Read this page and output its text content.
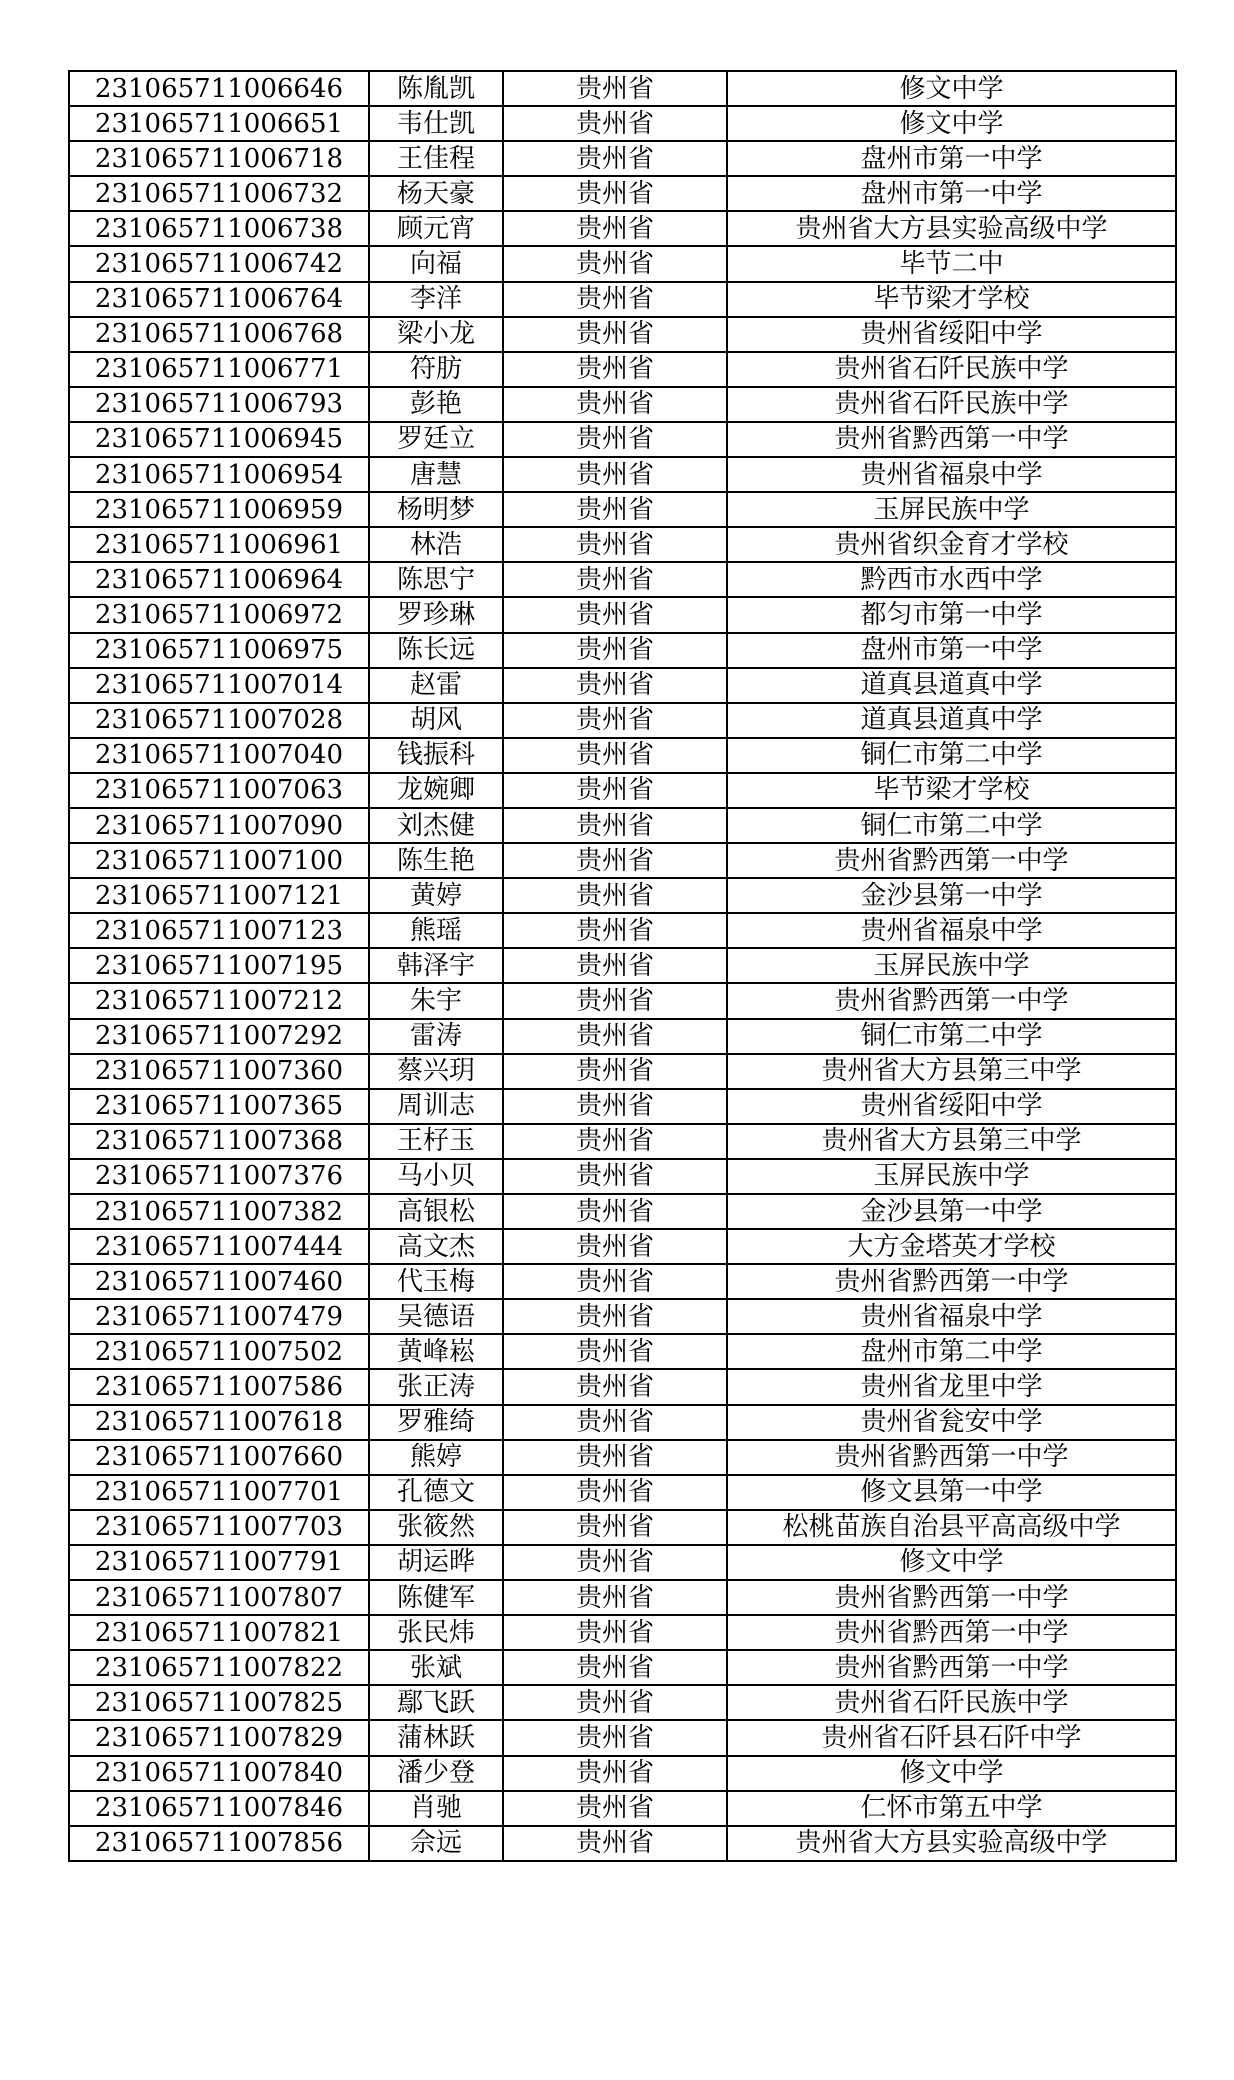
231065711006646	陈胤凯	贵州省	修文中学
231065711006651	韦仕凯	贵州省	修文中学
231065711006718	王佳程	贵州省	盘州市第一中学
231065711006732	杨天豪	贵州省	盘州市第一中学
231065711006738	顾元宵	贵州省	贵州省大方县实验高级中学
231065711006742	向福	贵州省	毕节二中
231065711006764	李洋	贵州省	毕节梁才学校
231065711006768	梁小龙	贵州省	贵州省绥阳中学
231065711006771	符肪	贵州省	贵州省石阡民族中学
231065711006793	彭艳	贵州省	贵州省石阡民族中学
231065711006945	罗廷立	贵州省	贵州省黔西第一中学
231065711006954	唐慧	贵州省	贵州省福泉中学
231065711006959	杨明梦	贵州省	玉屏民族中学
231065711006961	林浩	贵州省	贵州省织金育才学校
231065711006964	陈思宁	贵州省	黔西市水西中学
231065711006972	罗珍琳	贵州省	都匀市第一中学
231065711006975	陈长远	贵州省	盘州市第一中学
231065711007014	赵雷	贵州省	道真县道真中学
231065711007028	胡风	贵州省	道真县道真中学
231065711007040	钱振科	贵州省	铜仁市第二中学
231065711007063	龙婉卿	贵州省	毕节梁才学校
231065711007090	刘杰健	贵州省	铜仁市第二中学
231065711007100	陈生艳	贵州省	贵州省黔西第一中学
231065711007121	黄婷	贵州省	金沙县第一中学
231065711007123	熊瑶	贵州省	贵州省福泉中学
231065711007195	韩泽宇	贵州省	玉屏民族中学
231065711007212	朱宇	贵州省	贵州省黔西第一中学
231065711007292	雷涛	贵州省	铜仁市第二中学
231065711007360	蔡兴玥	贵州省	贵州省大方县第三中学
231065711007365	周训志	贵州省	贵州省绥阳中学
231065711007368	王杍玉	贵州省	贵州省大方县第三中学
231065711007376	马小贝	贵州省	玉屏民族中学
231065711007382	高银松	贵州省	金沙县第一中学
231065711007444	高文杰	贵州省	大方金塔英才学校
231065711007460	代玉梅	贵州省	贵州省黔西第一中学
231065711007479	吴德语	贵州省	贵州省福泉中学
231065711007502	黄峰崧	贵州省	盘州市第二中学
231065711007586	张正涛	贵州省	贵州省龙里中学
231065711007618	罗雅绮	贵州省	贵州省瓮安中学
231065711007660	熊婷	贵州省	贵州省黔西第一中学
231065711007701	孔德文	贵州省	修文县第一中学
231065711007703	张筱然	贵州省	松桃苗族自治县平高高级中学
231065711007791	胡运晔	贵州省	修文中学
231065711007807	陈健军	贵州省	贵州省黔西第一中学
231065711007821	张民炜	贵州省	贵州省黔西第一中学
231065711007822	张斌	贵州省	贵州省黔西第一中学
231065711007825	鄢飞跃	贵州省	贵州省石阡民族中学
231065711007829	蒲林跃	贵州省	贵州省石阡县石阡中学
231065711007840	潘少登	贵州省	修文中学
231065711007846	肖驰	贵州省	仁怀市第五中学
231065711007856	佘远	贵州省	贵州省大方县实验高级中学
